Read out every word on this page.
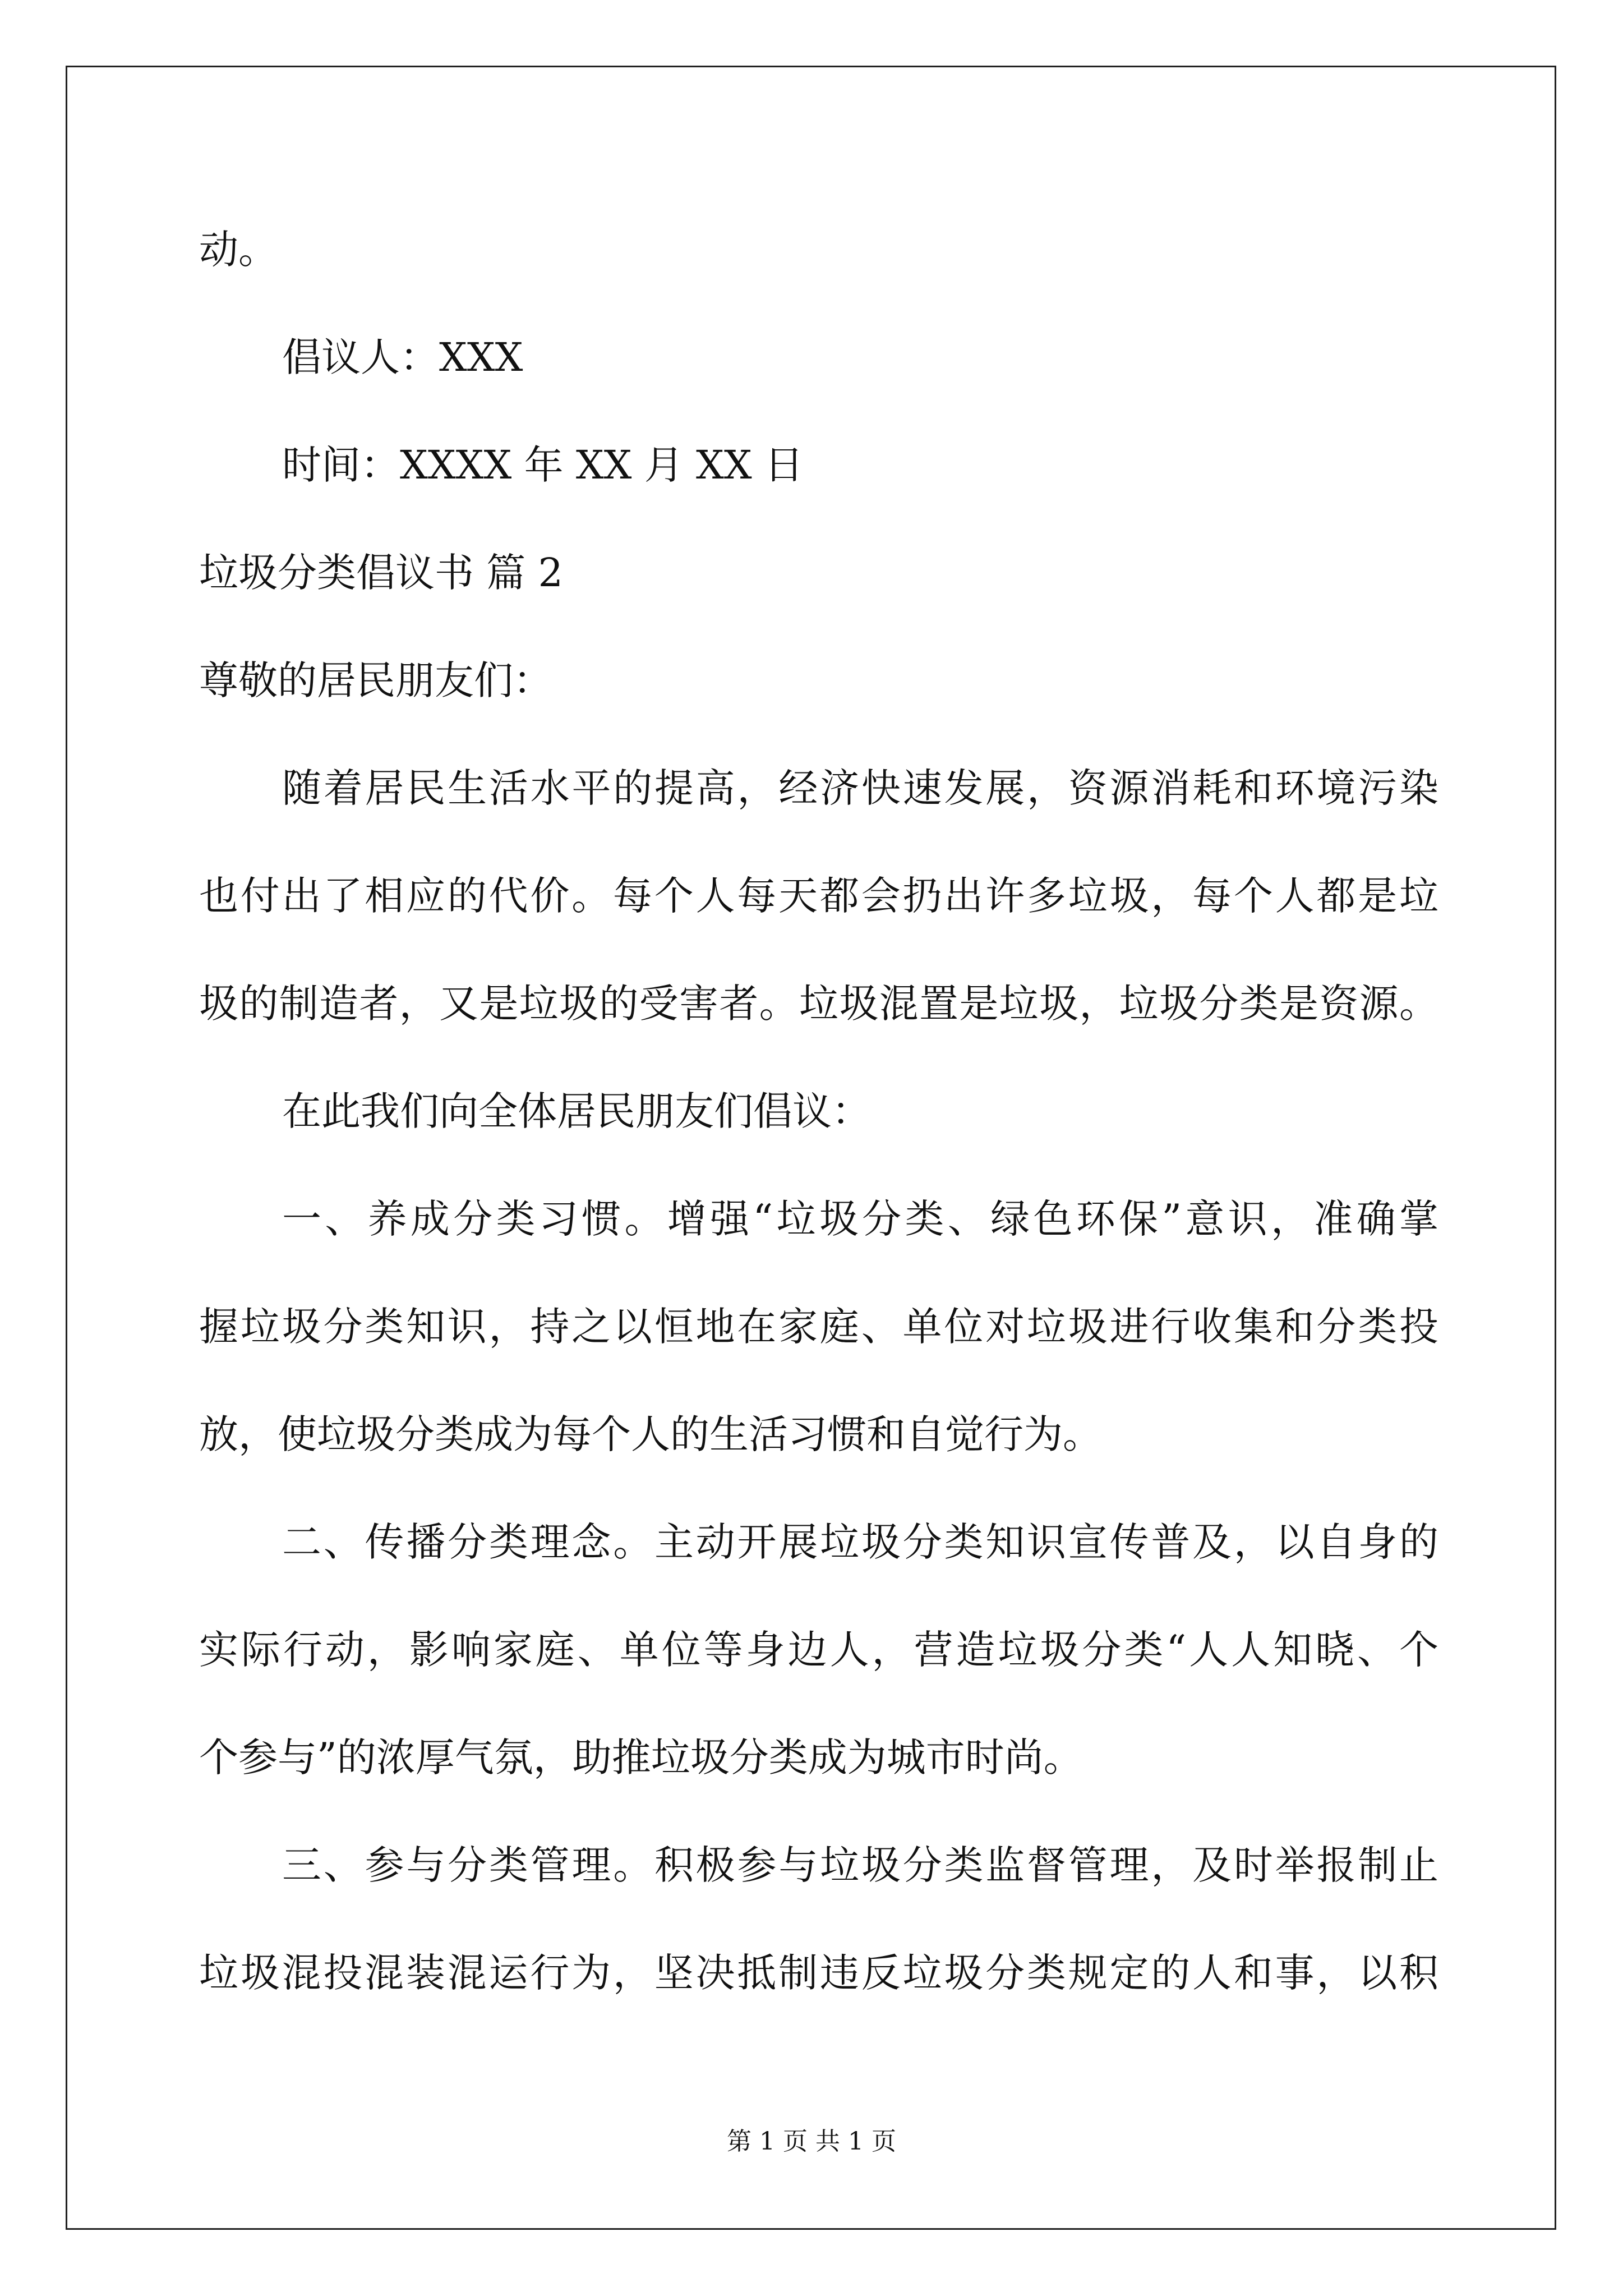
动。
倡议人：XXX
时间：XXXX 年 XX 月 XX 日
垃圾分类倡议书 篇 2
尊敬的居民朋友们：
随着居民生活水平的提高，经济快速发展，资源消耗和环境污染
也付出了相应的代价。每个人每天都会扔出许多垃圾，每个人都是垃
圾的制造者，又是垃圾的受害者。垃圾混置是垃圾，垃圾分类是资源。
在此我们向全体居民朋友们倡议：
一、养成分类习惯。增强“垃圾分类、绿色环保”意识，准确掌
握垃圾分类知识，持之以恒地在家庭、单位对垃圾进行收集和分类投
放，使垃圾分类成为每个人的生活习惯和自觉行为。
二、传播分类理念。主动开展垃圾分类知识宣传普及，以自身的
实际行动，影响家庭、单位等身边人，营造垃圾分类“人人知晓、个
个参与”的浓厚气氛，助推垃圾分类成为城市时尚。
三、参与分类管理。积极参与垃圾分类监督管理，及时举报制止
垃圾混投混装混运行为，坚决抵制违反垃圾分类规定的人和事，以积
第 1 页 共 1 页
